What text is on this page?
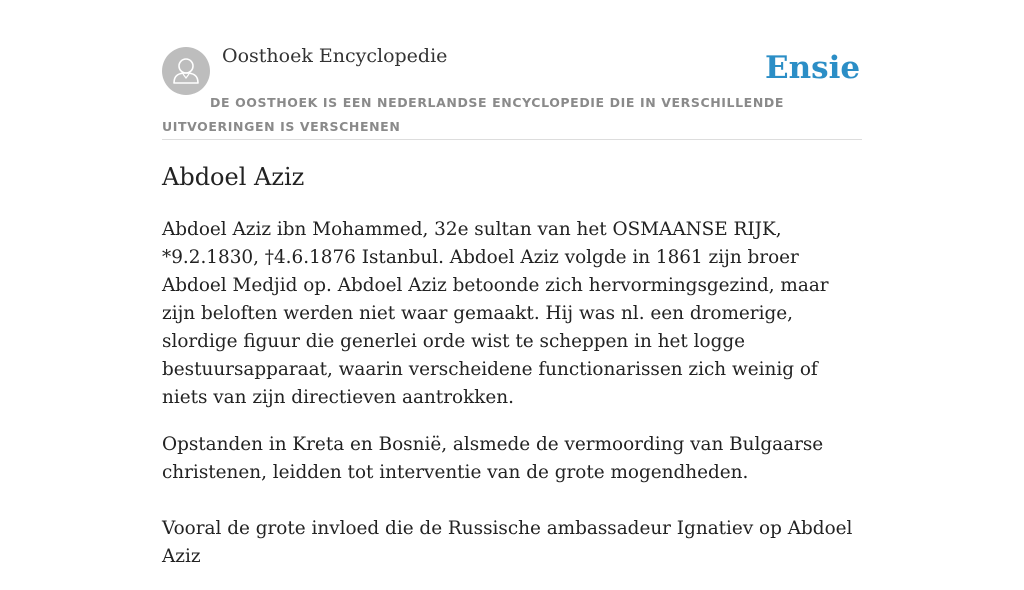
Oosthoek Encyclopedie	Ensie
DE OOSTHOEK IS EEN NEDERLANDSE ENCYCLOPEDIE DIE IN VERSCHILLENDE UITVOERINGEN IS VERSCHENEN
Abdoel Aziz

Abdoel Aziz ibn Mohammed, 32e sultan van het OSMAANSE RIJK, *9.2.1830, †4.6.1876 Istanbul. Abdoel Aziz volgde in 1861 zijn broer Abdoel Medjid op. Abdoel Aziz betoonde zich hervormingsgezind, maar zijn beloften werden niet waar gemaakt. Hij was nl. een dromerige, slordige figuur die generlei orde wist te scheppen in het logge bestuursapparaat, waarin verscheidene functionarissen zich weinig of niets van zijn directieven aantrokken.

Opstanden in Kreta en Bosnië, alsmede de vermoording van Bulgaarse christenen, leidden tot interventie van de grote mogendheden.

Vooral de grote invloed die de Russische ambassadeur Ignatiev op Abdoel Aziz
